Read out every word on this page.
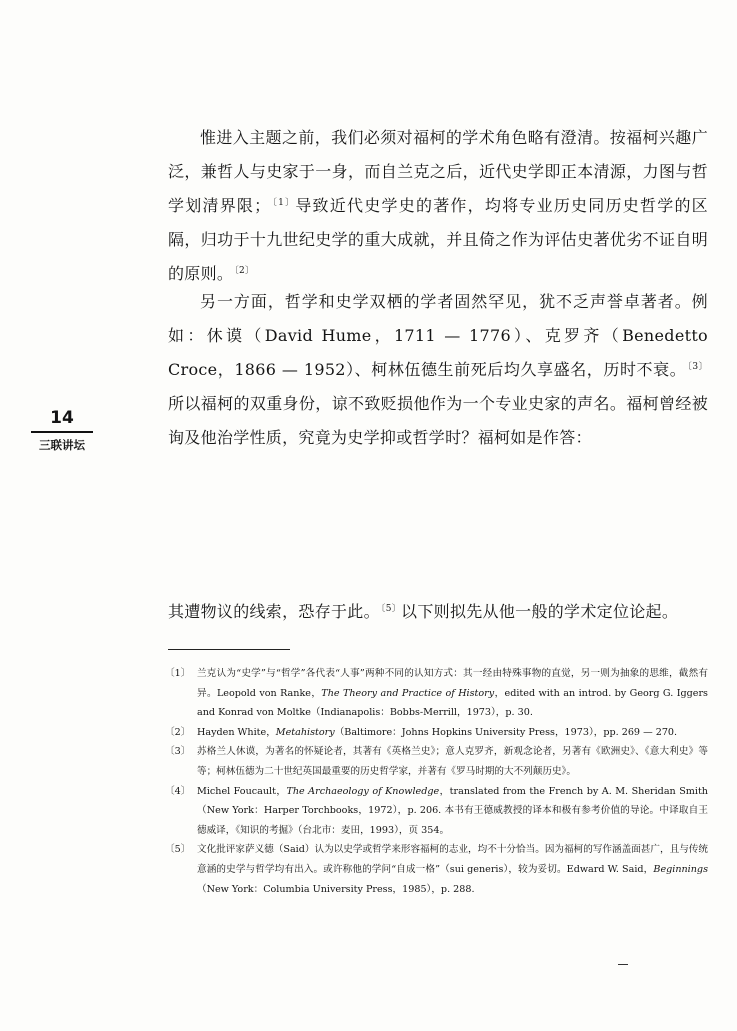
惟进入主题之前，我们必须对福柯的学术角色略有澄清。按福柯兴趣广泛，兼哲人与史家于一身，而自兰克之后，近代史学即正本清源，力图与哲学划清界限；$^{〔1〕}$导致近代史学史的著作，均将专业历史同历史哲学的区隔，归功于十九世纪史学的重大成就，并且倚之作为评估史著优劣不证自明的原则。$^{〔2〕}$

另一方面，哲学和史学双栖的学者固然罕见，犹不乏声誉卓著者。例如：休谟（David Hume，1711 — 1776）、克罗齐（Benedetto Croce，1866 — 1952）、柯林伍德生前死后均久享盛名，历时不衰。$^{〔3〕}$所以福柯的双重身份，谅不致贬损他作为一个专业史家的声名。福柯曾经被询及他治学性质，究竟为史学抑或哲学时？福柯如是作答：

14
三联讲坛

其遭物议的线索，恐存于此。$^{〔5〕}$以下则拟先从他一般的学术定位论起。

〔1〕 兰克认为“史学”与“哲学”各代表“人事”两种不同的认知方式：其一经由特殊事物的直觉，另一则为抽象的思维，截然有异。Leopold von Ranke，The Theory and Practice of History，edited with an introd. by Georg G. Iggers and Konrad von Moltke（Indianapolis：Bobbs-Merrill，1973），p. 30.
〔2〕 Hayden White，Metahistory（Baltimore：Johns Hopkins University Press，1973），pp. 269 — 270.
〔3〕 苏格兰人休谟，为著名的怀疑论者，其著有《英格兰史》；意人克罗齐，新观念论者，另著有《欧洲史》、《意大利史》等等；柯林伍德为二十世纪英国最重要的历史哲学家，并著有《罗马时期的大不列颠历史》。
〔4〕 Michel Foucault，The Archaeology of Knowledge，translated from the French by A. M. Sheridan Smith（New York：Harper Torchbooks，1972），p. 206. 本书有王德威教授的译本和极有参考价值的导论。中译取自王德威译，《知识的考掘》（台北市：麦田，1993），页 354。
〔5〕 文化批评家萨义德（Said）认为以史学或哲学来形容福柯的志业，均不十分恰当。因为福柯的写作涵盖面甚广，且与传统意涵的史学与哲学均有出入。或许称他的学问“自成一格”（sui generis），较为妥切。Edward W. Said，Beginnings（New York：Columbia University Press，1985），p. 288.
